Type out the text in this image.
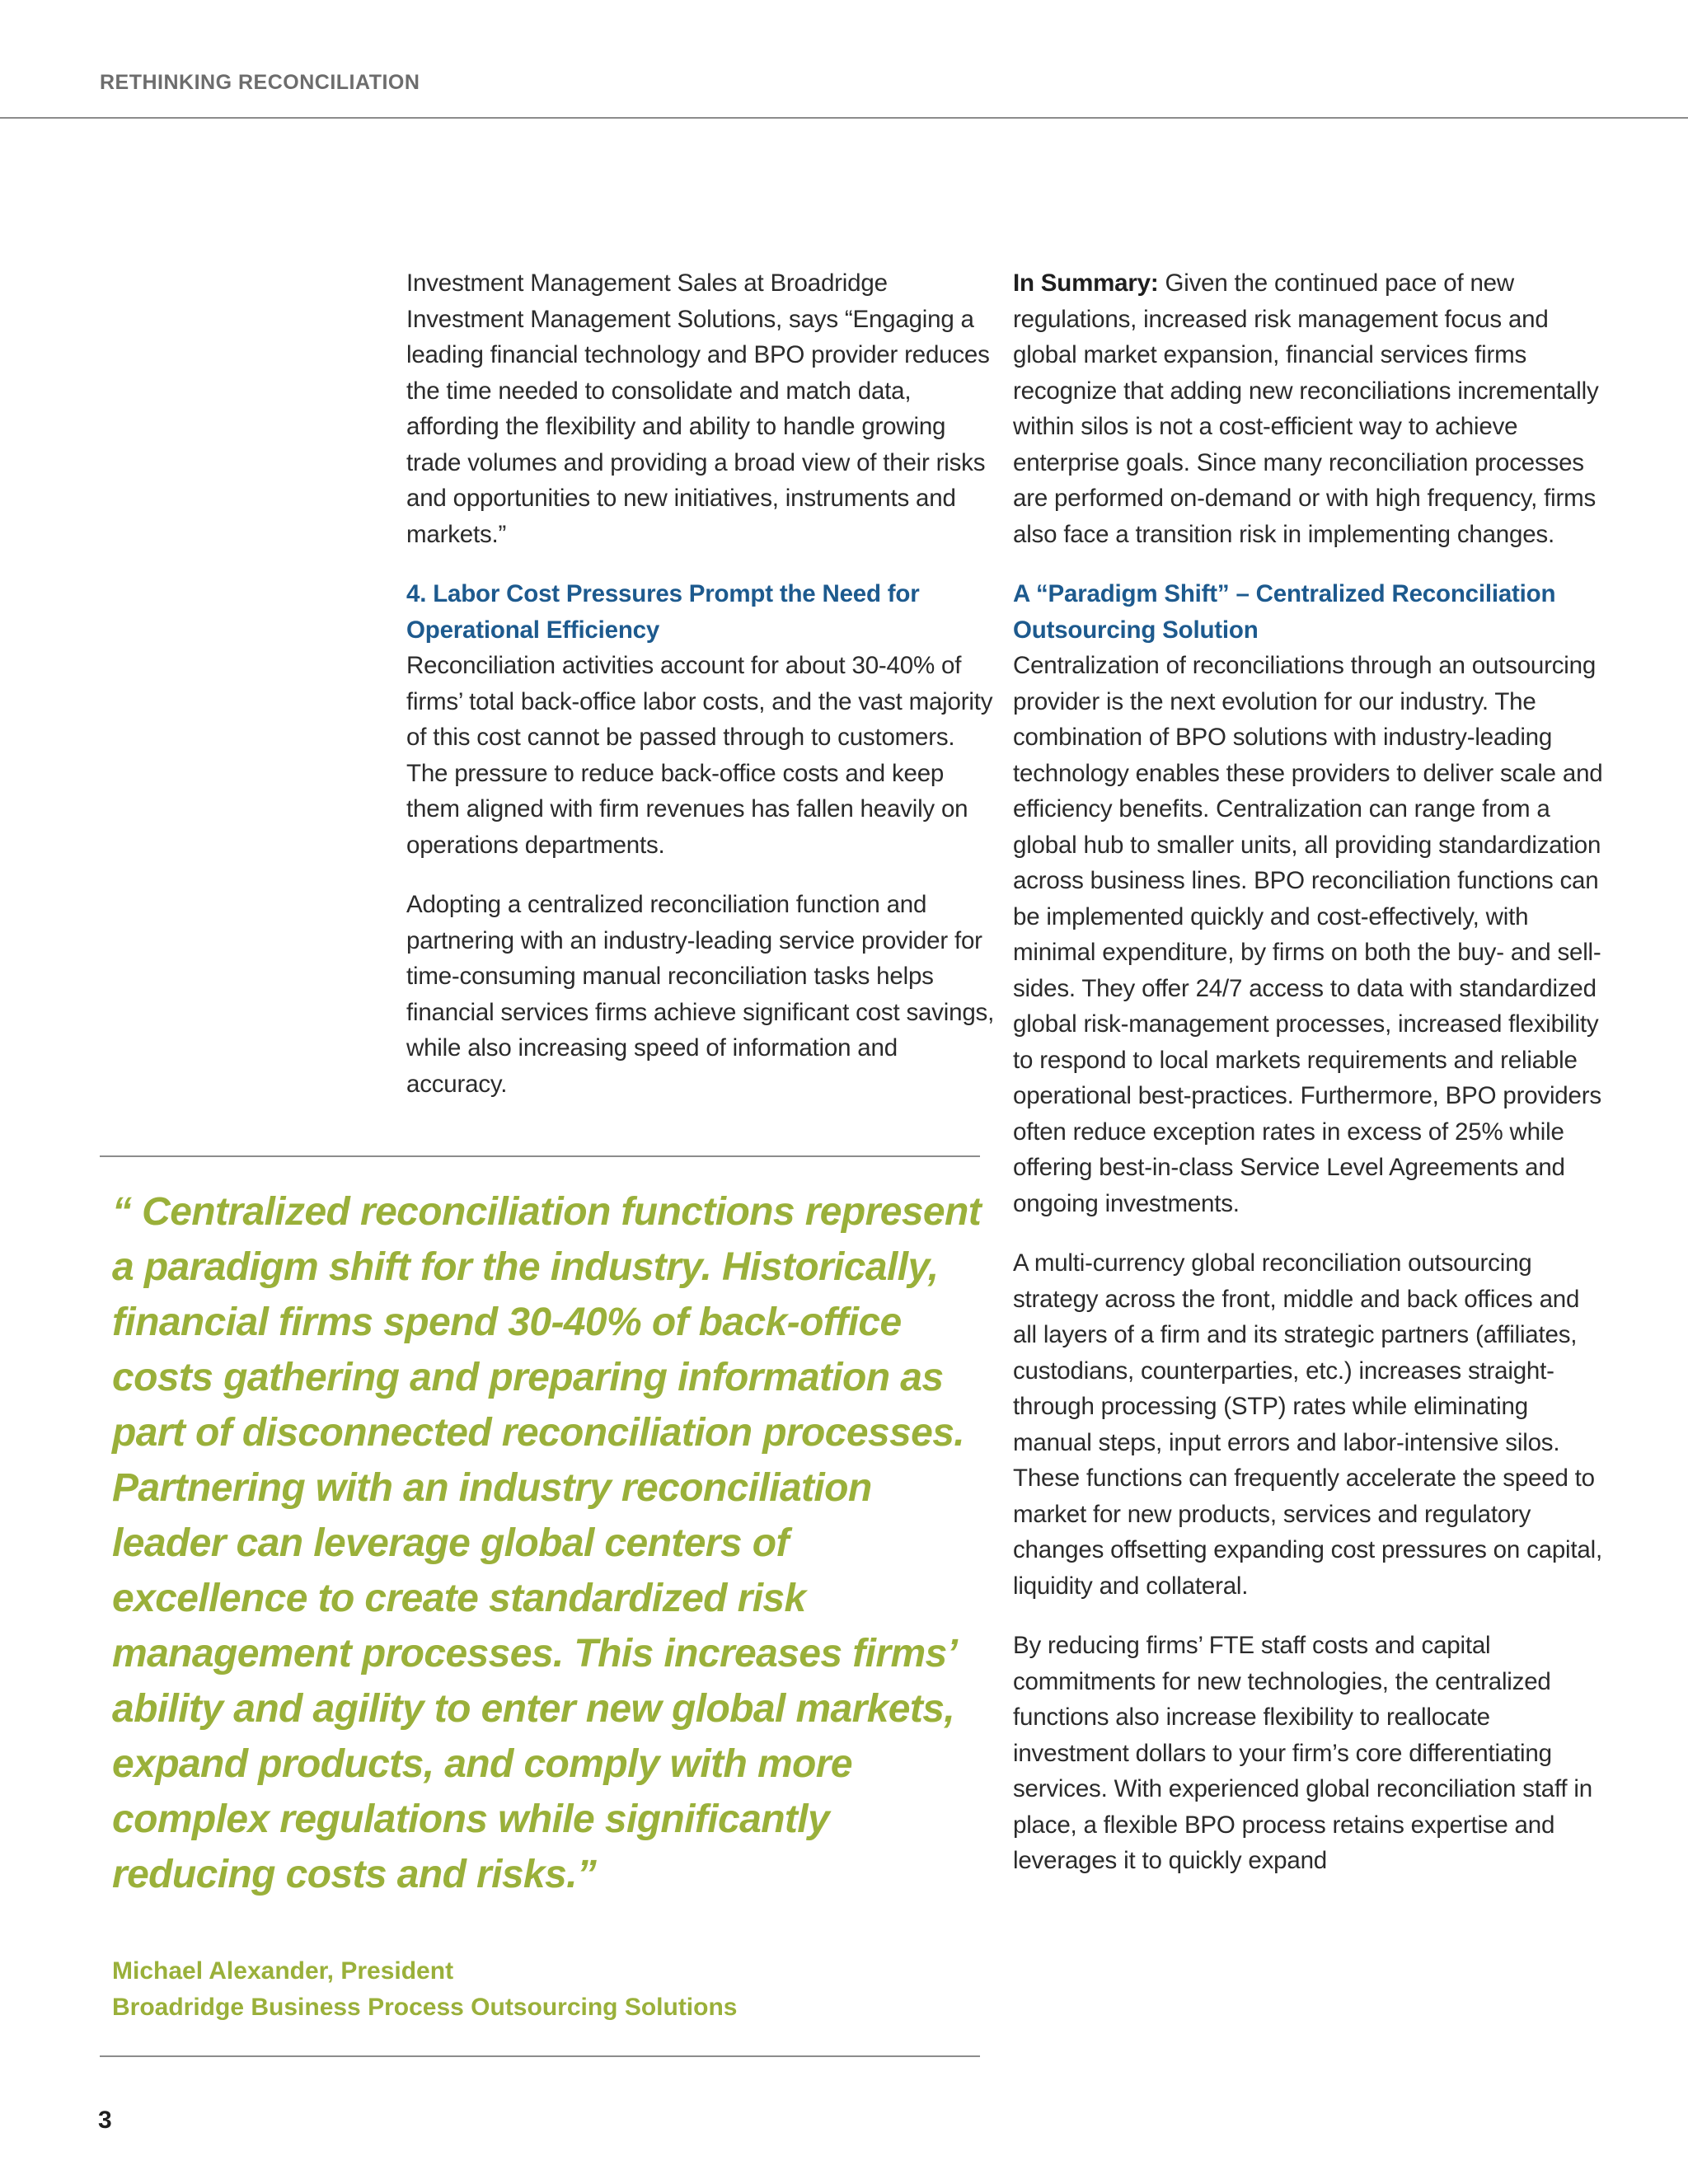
RETHINKING RECONCILIATION

Investment Management Sales at Broadridge Investment Management Solutions, says “Engaging a leading financial technology and BPO provider reduces the time needed to consolidate and match data, affording the flexibility and ability to handle growing trade volumes and providing a broad view of their risks and opportunities to new initiatives, instruments and markets.”

4. Labor Cost Pressures Prompt the Need for Operational Efficiency

Reconciliation activities account for about 30-40% of firms’ total back-office labor costs, and the vast majority of this cost cannot be passed through to customers. The pressure to reduce back-office costs and keep them aligned with firm revenues has fallen heavily on operations departments.

Adopting a centralized reconciliation function and partnering with an industry-leading service provider for time-consuming manual reconciliation tasks helps financial services firms achieve significant cost savings, while also increasing speed of information and accuracy.

“ Centralized reconciliation functions represent a paradigm shift for the industry. Historically, financial firms spend 30-40% of back-office costs gathering and preparing information as part of disconnected reconciliation processes. Partnering with an industry reconciliation leader can leverage global centers of excellence to create standardized risk management processes. This increases firms’ ability and agility to enter new global markets, expand products, and comply with more complex regulations while significantly reducing costs and risks.”

Michael Alexander, President
Broadridge Business Process Outsourcing Solutions

In Summary: Given the continued pace of new regulations, increased risk management focus and global market expansion, financial services firms recognize that adding new reconciliations incrementally within silos is not a cost-efficient way to achieve enterprise goals. Since many reconciliation processes are performed on-demand or with high frequency, firms also face a transition risk in implementing changes.

A “Paradigm Shift” – Centralized Reconciliation Outsourcing Solution

Centralization of reconciliations through an outsourcing provider is the next evolution for our industry. The combination of BPO solutions with industry-leading technology enables these providers to deliver scale and efficiency benefits. Centralization can range from a global hub to smaller units, all providing standardization across business lines. BPO reconciliation functions can be implemented quickly and cost-effectively, with minimal expenditure, by firms on both the buy- and sell-sides. They offer 24/7 access to data with standardized global risk-management processes, increased flexibility to respond to local markets requirements and reliable operational best-practices. Furthermore, BPO providers often reduce exception rates in excess of 25% while offering best-in-class Service Level Agreements and ongoing investments.

A multi-currency global reconciliation outsourcing strategy across the front, middle and back offices and all layers of a firm and its strategic partners (affiliates, custodians, counterparties, etc.) increases straight-through processing (STP) rates while eliminating manual steps, input errors and labor-intensive silos. These functions can frequently accelerate the speed to market for new products, services and regulatory changes offsetting expanding cost pressures on capital, liquidity and collateral.

By reducing firms’ FTE staff costs and capital commitments for new technologies, the centralized functions also increase flexibility to reallocate investment dollars to your firm’s core differentiating services. With experienced global reconciliation staff in place, a flexible BPO process retains expertise and leverages it to quickly expand

3
